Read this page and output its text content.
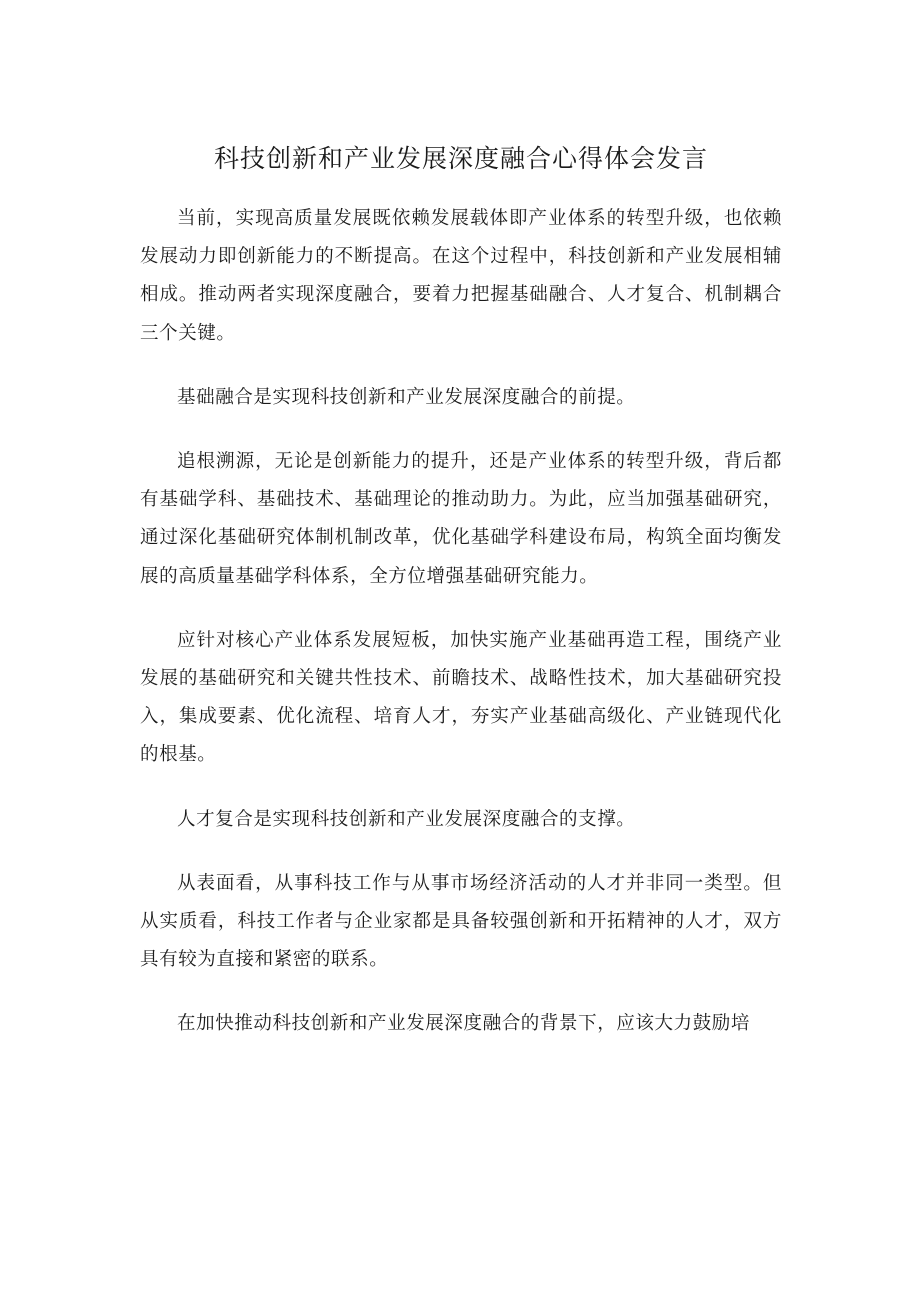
科技创新和产业发展深度融合心得体会发言

当前，实现高质量发展既依赖发展载体即产业体系的转型升级，也依赖发展动力即创新能力的不断提高。在这个过程中，科技创新和产业发展相辅相成。推动两者实现深度融合，要着力把握基础融合、人才复合、机制耦合三个关键。

基础融合是实现科技创新和产业发展深度融合的前提。

追根溯源，无论是创新能力的提升，还是产业体系的转型升级，背后都有基础学科、基础技术、基础理论的推动助力。为此，应当加强基础研究，通过深化基础研究体制机制改革，优化基础学科建设布局，构筑全面均衡发展的高质量基础学科体系，全方位增强基础研究能力。

应针对核心产业体系发展短板，加快实施产业基础再造工程，围绕产业发展的基础研究和关键共性技术、前瞻技术、战略性技术，加大基础研究投入，集成要素、优化流程、培育人才，夯实产业基础高级化、产业链现代化的根基。

人才复合是实现科技创新和产业发展深度融合的支撑。

从表面看，从事科技工作与从事市场经济活动的人才并非同一类型。但从实质看，科技工作者与企业家都是具备较强创新和开拓精神的人才，双方具有较为直接和紧密的联系。

在加快推动科技创新和产业发展深度融合的背景下，应该大力鼓励培
